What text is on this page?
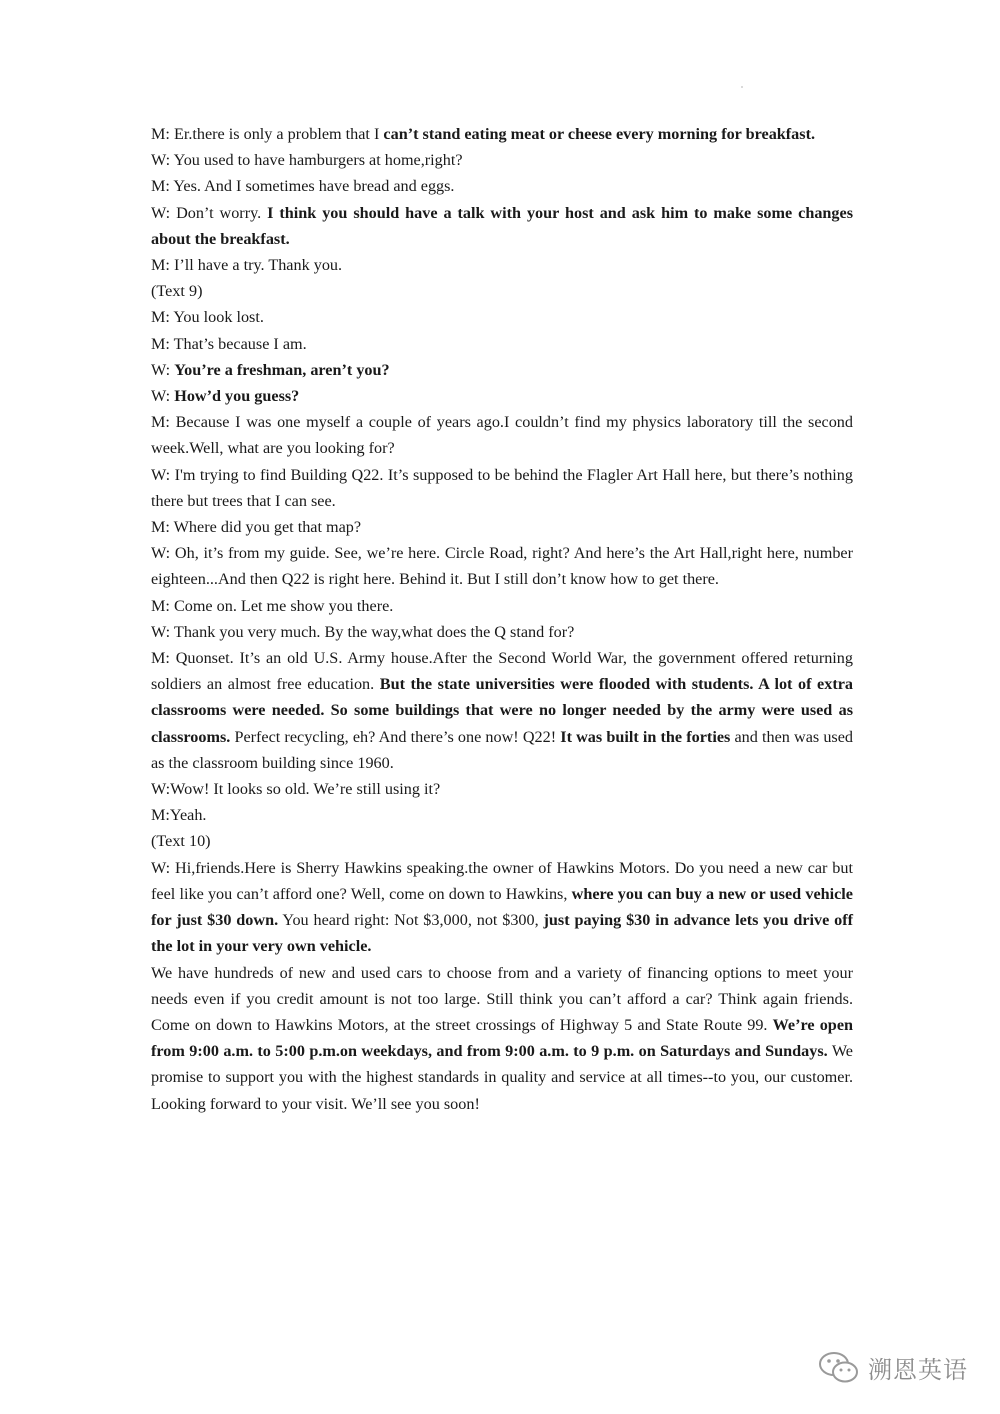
M: Er.there is only a problem that I can’t stand eating meat or cheese every morning for breakfast.

W: You used to have hamburgers at home,right?

M: Yes. And I sometimes have bread and eggs.

W: Don’t worry. I think you should have a talk with your host and ask him to make some changes about the breakfast.

M: I’ll have a try. Thank you.

(Text 9)

M: You look lost.

M: That’s because I am.

W: You’re a freshman, aren’t you?

W: How’d you guess?

M: Because I was one myself a couple of years ago.I couldn’t find my physics laboratory till the second week.Well, what are you looking for?

W: I'm trying to find Building Q22. It’s supposed to be behind the Flagler Art Hall here, but there’s nothing there but trees that I can see.

M: Where did you get that map?

W: Oh, it’s from my guide. See, we’re here. Circle Road, right? And here’s the Art Hall,right here, number eighteen...And then Q22 is right here. Behind it. But I still don’t know how to get there.

M: Come on. Let me show you there.

W: Thank you very much. By the way,what does the Q stand for?

M: Quonset. It’s an old U.S. Army house.After the Second World War, the government offered returning soldiers an almost free education. But the state universities were flooded with students. A lot of extra classrooms were needed. So some buildings that were no longer needed by the army were used as classrooms. Perfect recycling, eh? And there’s one now! Q22! It was built in the forties and then was used as the classroom building since 1960.

W:Wow! It looks so old. We’re still using it?

M:Yeah.

(Text 10)

W: Hi,friends.Here is Sherry Hawkins speaking.the owner of Hawkins Motors. Do you need a new car but feel like you can’t afford one? Well, come on down to Hawkins, where you can buy a new or used vehicle for just $30 down. You heard right: Not $3,000, not $300, just paying $30 in advance lets you drive off the lot in your very own vehicle.

We have hundreds of new and used cars to choose from and a variety of financing options to meet your needs even if you credit amount is not too large. Still think you can’t afford a car? Think again friends. Come on down to Hawkins Motors, at the street crossings of Highway 5 and State Route 99. We’re open from 9:00 a.m. to 5:00 p.m.on weekdays, and from 9:00 a.m. to 9 p.m. on Saturdays and Sundays. We promise to support you with the highest standards in quality and service at all times--to you, our customer. Looking forward to your visit. We’ll see you soon!

溯恩英语
